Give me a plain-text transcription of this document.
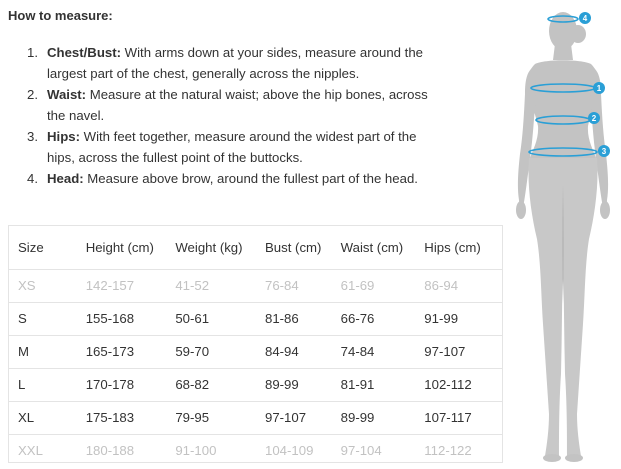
How to measure:
1. Chest/Bust: With arms down at your sides, measure around the largest part of the chest, generally across the nipples.
2. Waist: Measure at the natural waist; above the hip bones, across the navel.
3. Hips: With feet together, measure around the widest part of the hips, across the fullest point of the buttocks.
4. Head: Measure above brow, around the fullest part of the head.
Size	Height (cm)	Weight (kg)	Bust (cm)	Waist (cm)	Hips (cm)
XS	142-157	41-52	76-84	61-69	86-94
S	155-168	50-61	81-86	66-76	91-99
M	165-173	59-70	84-94	74-84	97-107
L	170-178	68-82	89-99	81-91	102-112
XL	175-183	79-95	97-107	89-99	107-117
XXL	180-188	91-100	104-109	97-104	112-122
4
1
2
3
